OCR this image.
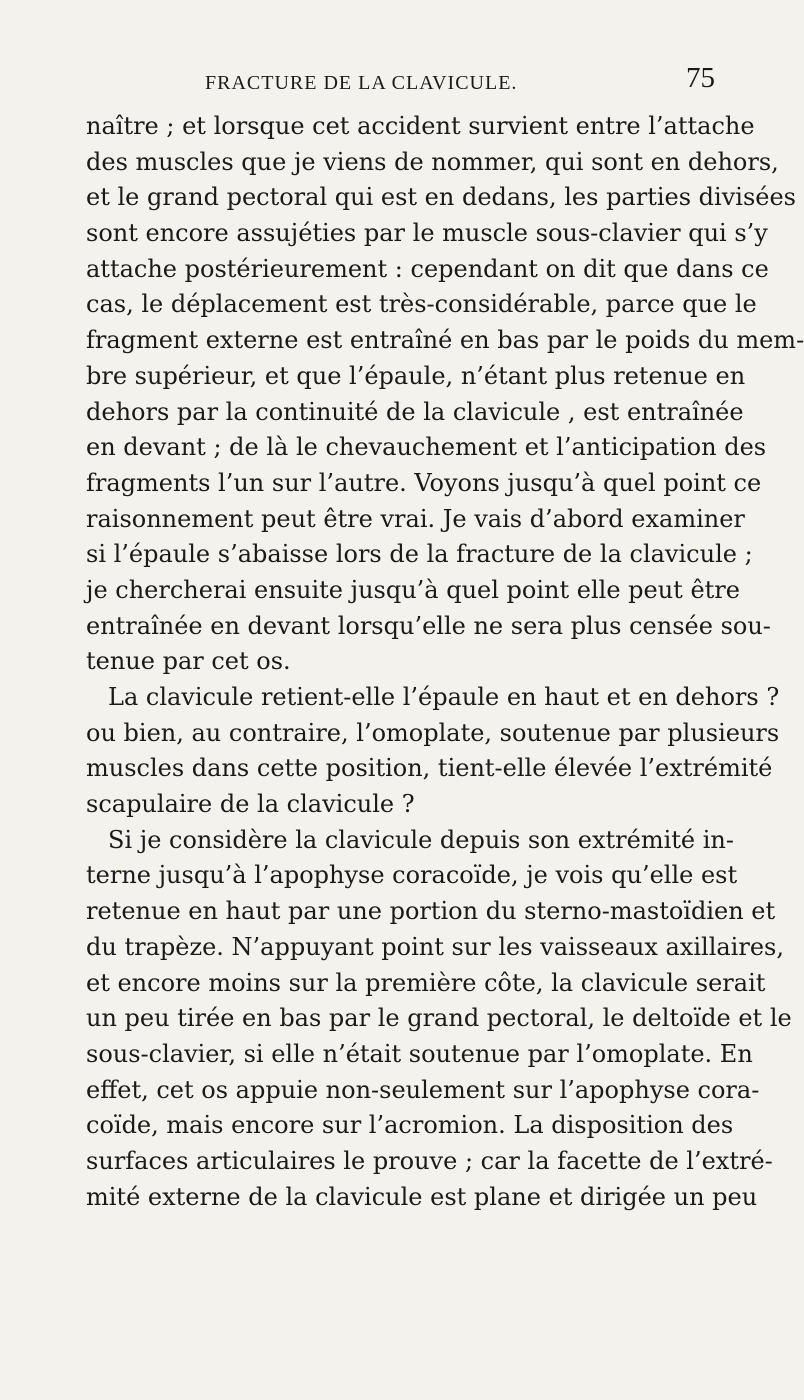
FRACTURE DE LA CLAVICULE.	75
naître ; et lorsque cet accident survient entre l’attache
des muscles que je viens de nommer, qui sont en dehors,
et le grand pectoral qui est en dedans, les parties divisées
sont encore assujéties par le muscle sous-clavier qui s’y
attache postérieurement : cependant on dit que dans ce
cas, le déplacement est très-considérable, parce que le
fragment externe est entraîné en bas par le poids du mem-
bre supérieur, et que l’épaule, n’étant plus retenue en
dehors par la continuité de la clavicule , est entraînée
en devant ; de là le chevauchement et l’anticipation des
fragments l’un sur l’autre. Voyons jusqu’à quel point ce
raisonnement peut être vrai. Je vais d’abord examiner
si l’épaule s’abaisse lors de la fracture de la clavicule ;
je chercherai ensuite jusqu’à quel point elle peut être
entraînée en devant lorsqu’elle ne sera plus censée sou-
tenue par cet os.
La clavicule retient-elle l’épaule en haut et en dehors ?
ou bien, au contraire, l’omoplate, soutenue par plusieurs
muscles dans cette position, tient-elle élevée l’extrémité
scapulaire de la clavicule ?
Si je considère la clavicule depuis son extrémité in-
terne jusqu’à l’apophyse coracoïde, je vois qu’elle est
retenue en haut par une portion du sterno-mastoïdien et
du trapèze. N’appuyant point sur les vaisseaux axillaires,
et encore moins sur la première côte, la clavicule serait
un peu tirée en bas par le grand pectoral, le deltoïde et le
sous-clavier, si elle n’était soutenue par l’omoplate. En
effet, cet os appuie non-seulement sur l’apophyse cora-
coïde, mais encore sur l’acromion. La disposition des
surfaces articulaires le prouve ; car la facette de l’extré-
mité externe de la clavicule est plane et dirigée un peu
